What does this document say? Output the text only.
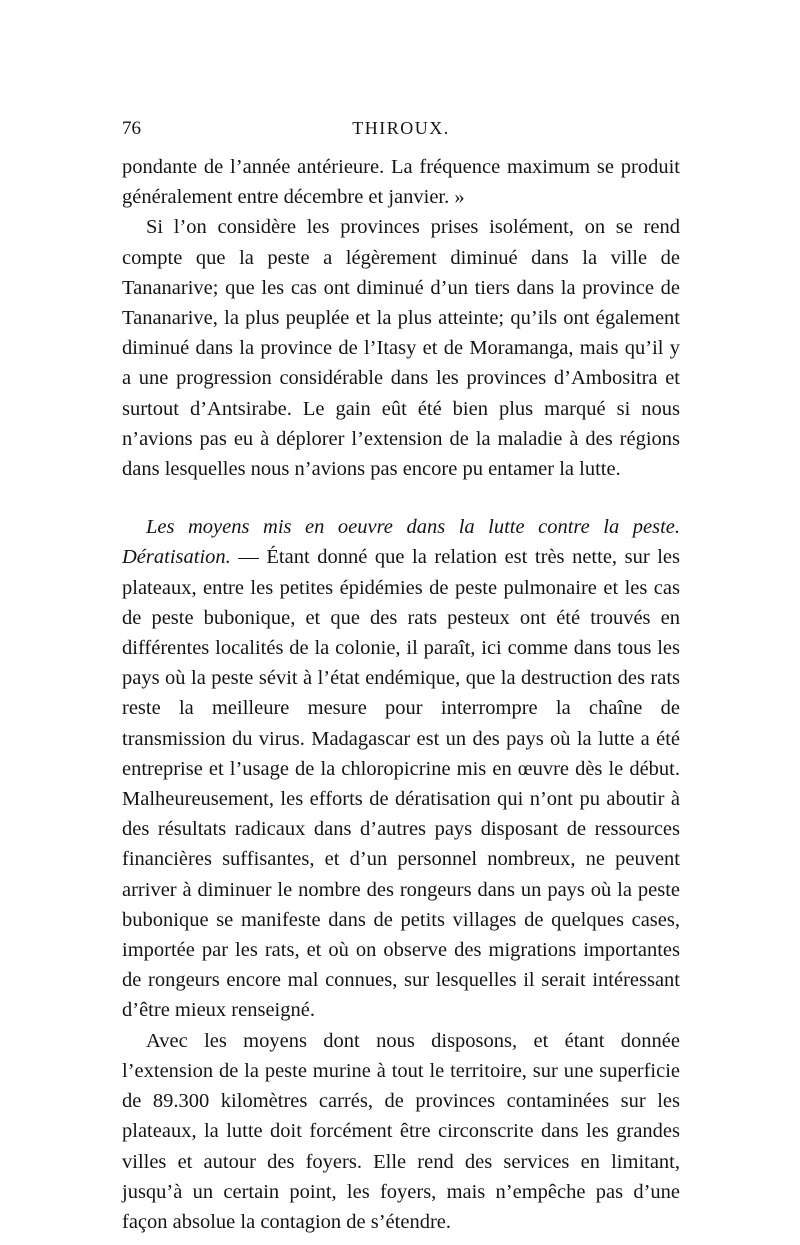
76	THIROUX.

pondante de l’année antérieure. La fréquence maximum se produit généralement entre décembre et janvier. »

Si l’on considère les provinces prises isolément, on se rend compte que la peste a légèrement diminué dans la ville de Tananarive; que les cas ont diminué d’un tiers dans la province de Tananarive, la plus peuplée et la plus atteinte; qu’ils ont également diminué dans la province de l’Itasy et de Moramanga, mais qu’il y a une progression considérable dans les provinces d’Ambositra et surtout d’Antsirabe. Le gain eût été bien plus marqué si nous n’avions pas eu à déplorer l’extension de la maladie à des régions dans lesquelles nous n’avions pas encore pu entamer la lutte.

Les moyens mis en oeuvre dans la lutte contre la peste. Dératisation. — Étant donné que la relation est très nette, sur les plateaux, entre les petites épidémies de peste pulmonaire et les cas de peste bubonique, et que des rats pesteux ont été trouvés en différentes localités de la colonie, il paraît, ici comme dans tous les pays où la peste sévit à l’état endémique, que la destruction des rats reste la meilleure mesure pour interrompre la chaîne de transmission du virus. Madagascar est un des pays où la lutte a été entreprise et l’usage de la chloropicrine mis en œuvre dès le début. Malheureusement, les efforts de dératisation qui n’ont pu aboutir à des résultats radicaux dans d’autres pays disposant de ressources financières suffisantes, et d’un personnel nombreux, ne peuvent arriver à diminuer le nombre des rongeurs dans un pays où la peste bubonique se manifeste dans de petits villages de quelques cases, importée par les rats, et où on observe des migrations importantes de rongeurs encore mal connues, sur lesquelles il serait intéressant d’être mieux renseigné.

Avec les moyens dont nous disposons, et étant donnée l’extension de la peste murine à tout le territoire, sur une superficie de 89.300 kilomètres carrés, de provinces contaminées sur les plateaux, la lutte doit forcément être circonscrite dans les grandes villes et autour des foyers. Elle rend des services en limitant, jusqu’à un certain point, les foyers, mais n’empêche pas d’une façon absolue la contagion de s’étendre.
